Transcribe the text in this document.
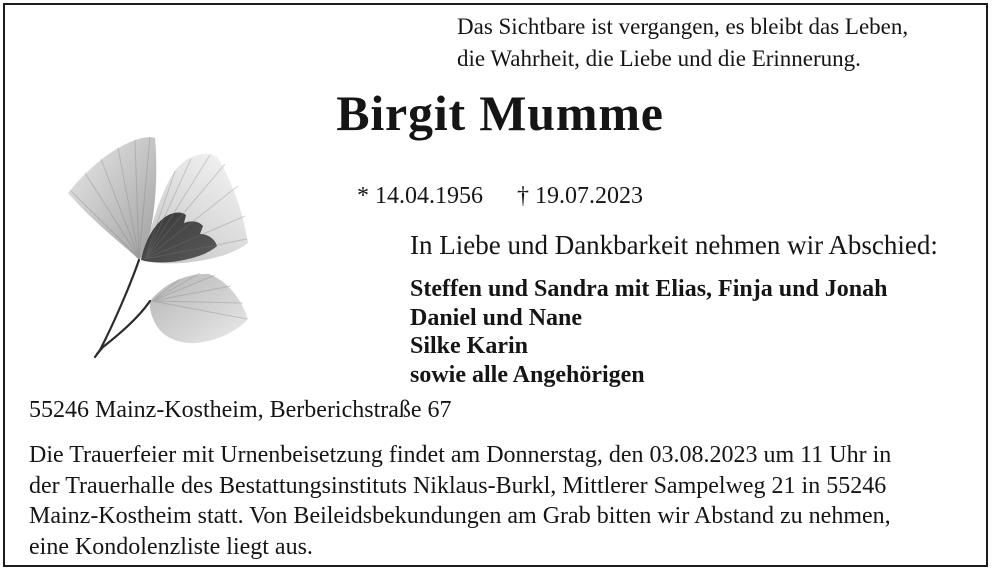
Das Sichtbare ist vergangen, es bleibt das Leben,
die Wahrheit, die Liebe und die Erinnerung.
Birgit Mumme
* 14.04.1956 † 19.07.2023
In Liebe und Dankbarkeit nehmen wir Abschied:
Steffen und Sandra mit Elias, Finja und Jonah
Daniel und Nane
Silke Karin
sowie alle Angehörigen
55246 Mainz-Kostheim, Berberichstraße 67
Die Trauerfeier mit Urnenbeisetzung findet am Donnerstag, den 03.08.2023 um 11 Uhr in
der Trauerhalle des Bestattungsinstituts Niklaus-Burkl, Mittlerer Sampelweg 21 in 55246
Mainz-Kostheim statt. Von Beileidsbekundungen am Grab bitten wir Abstand zu nehmen,
eine Kondolenzliste liegt aus.
